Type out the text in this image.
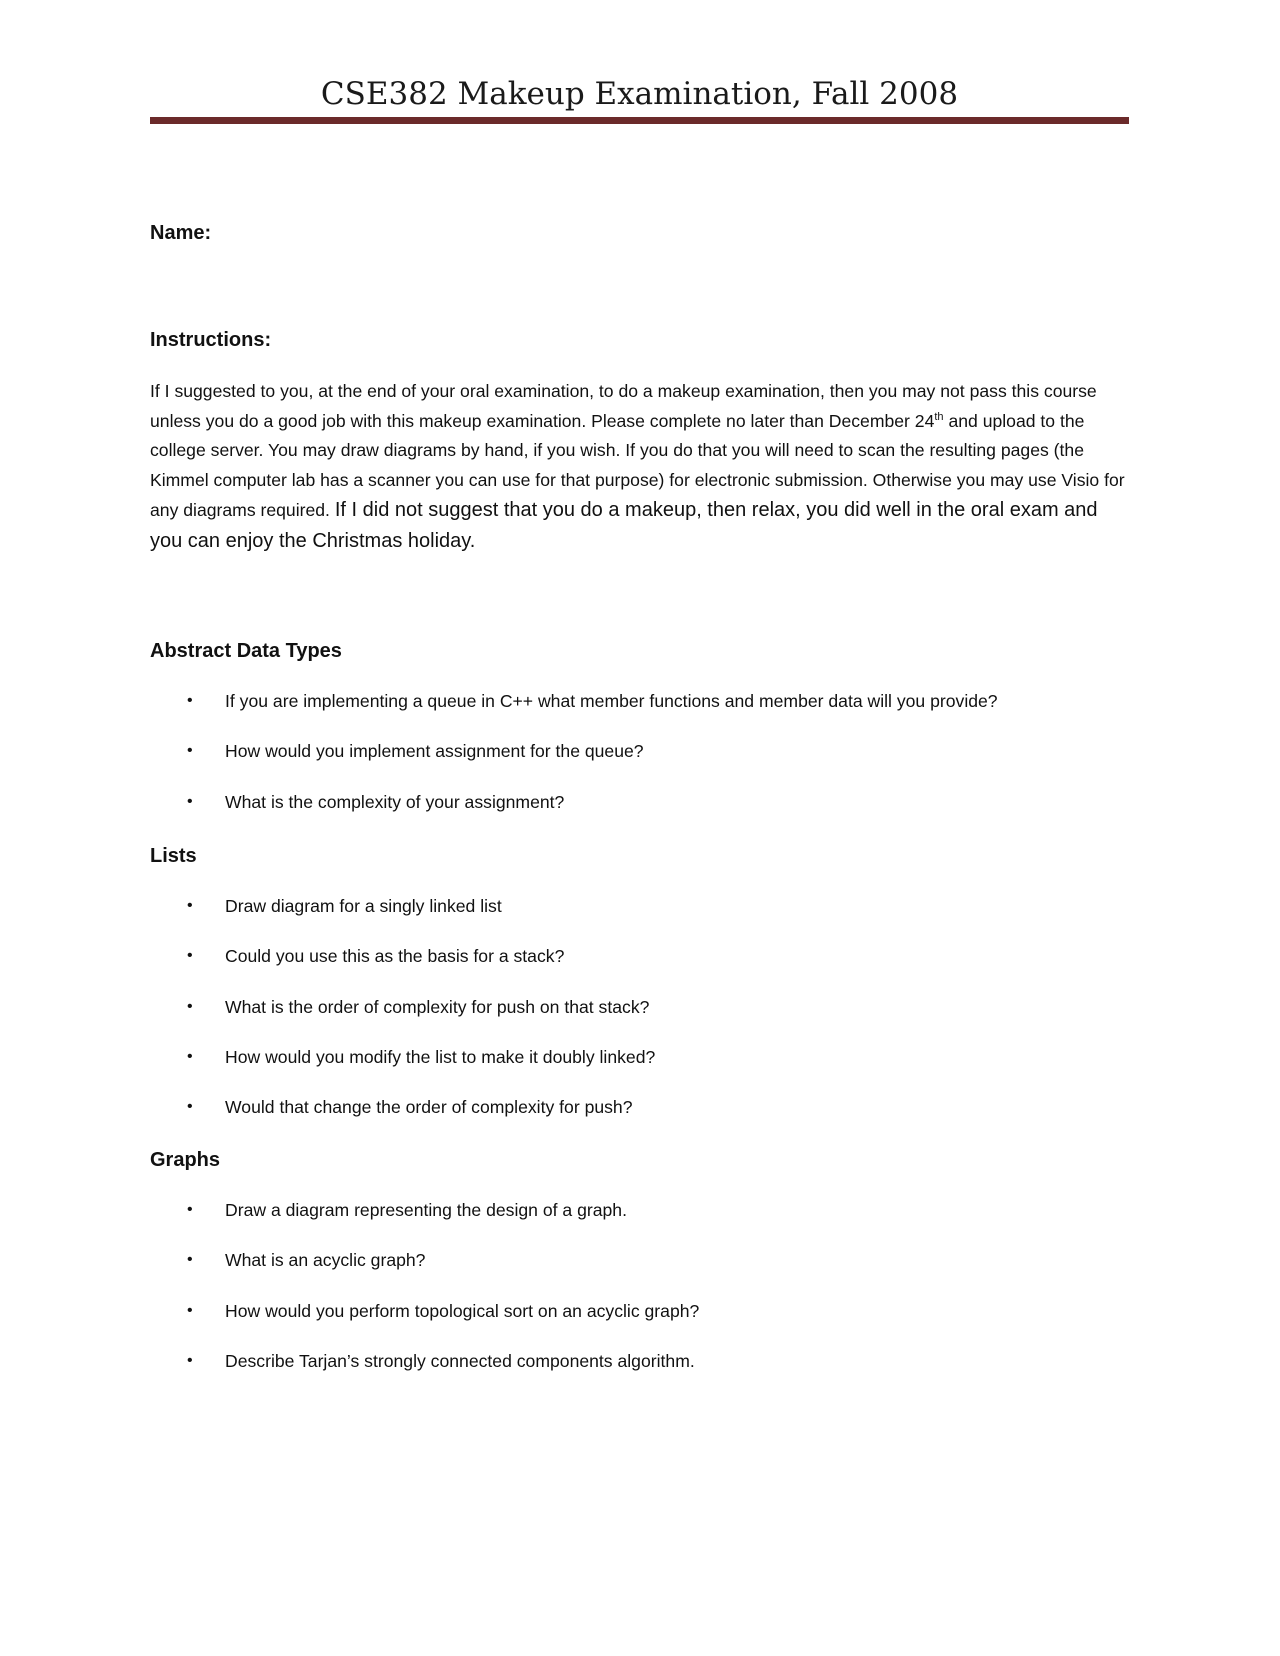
CSE382 Makeup Examination, Fall 2008

Name:

Instructions:

If I suggested to you, at the end of your oral examination, to do a makeup examination, then you may not pass this course unless you do a good job with this makeup examination. Please complete no later than December 24th and upload to the college server. You may draw diagrams by hand, if you wish. If you do that you will need to scan the resulting pages (the Kimmel computer lab has a scanner you can use for that purpose) for electronic submission. Otherwise you may use Visio for any diagrams required. If I did not suggest that you do a makeup, then relax, you did well in the oral exam and you can enjoy the Christmas holiday.

Abstract Data Types

• If you are implementing a queue in C++ what member functions and member data will you provide?
• How would you implement assignment for the queue?
• What is the complexity of your assignment?

Lists

• Draw diagram for a singly linked list
• Could you use this as the basis for a stack?
• What is the order of complexity for push on that stack?
• How would you modify the list to make it doubly linked?
• Would that change the order of complexity for push?

Graphs

• Draw a diagram representing the design of a graph.
• What is an acyclic graph?
• How would you perform topological sort on an acyclic graph?
• Describe Tarjan’s strongly connected components algorithm.
